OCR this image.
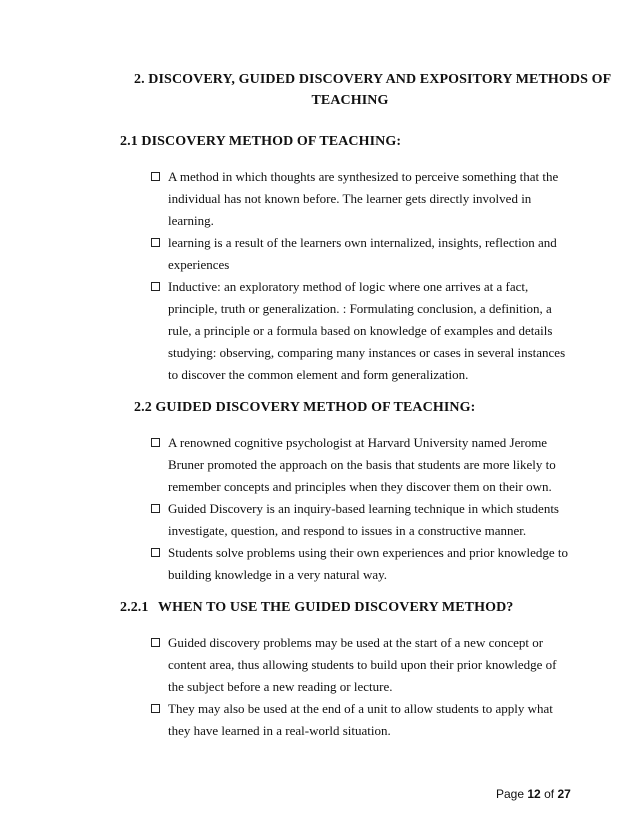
2. DISCOVERY, GUIDED DISCOVERY AND EXPOSITORY METHODS OF
TEACHING
2.1 DISCOVERY METHOD OF TEACHING:
A method in which thoughts are synthesized to perceive something that the individual has not known before. The learner gets directly involved in learning.
learning is a result of the learners own internalized, insights, reflection and experiences
Inductive: an exploratory method of logic where one arrives at a fact, principle, truth or generalization. : Formulating conclusion, a definition, a rule, a principle or a formula based on knowledge of examples and details studying: observing, comparing many instances or cases in several instances to discover the common element and form generalization.
2.2 GUIDED DISCOVERY METHOD OF TEACHING:
A renowned cognitive psychologist at Harvard University named Jerome Bruner promoted the approach on the basis that students are more likely to remember concepts and principles when they discover them on their own.
Guided Discovery is an inquiry-based learning technique in which students investigate, question, and respond to issues in a constructive manner.
Students solve problems using their own experiences and prior knowledge to building knowledge in a very natural way.
2.2.1 WHEN TO USE THE GUIDED DISCOVERY METHOD?
Guided discovery problems may be used at the start of a new concept or content area, thus allowing students to build upon their prior knowledge of the subject before a new reading or lecture.
They may also be used at the end of a unit to allow students to apply what they have learned in a real-world situation.
Page 12 of 27
